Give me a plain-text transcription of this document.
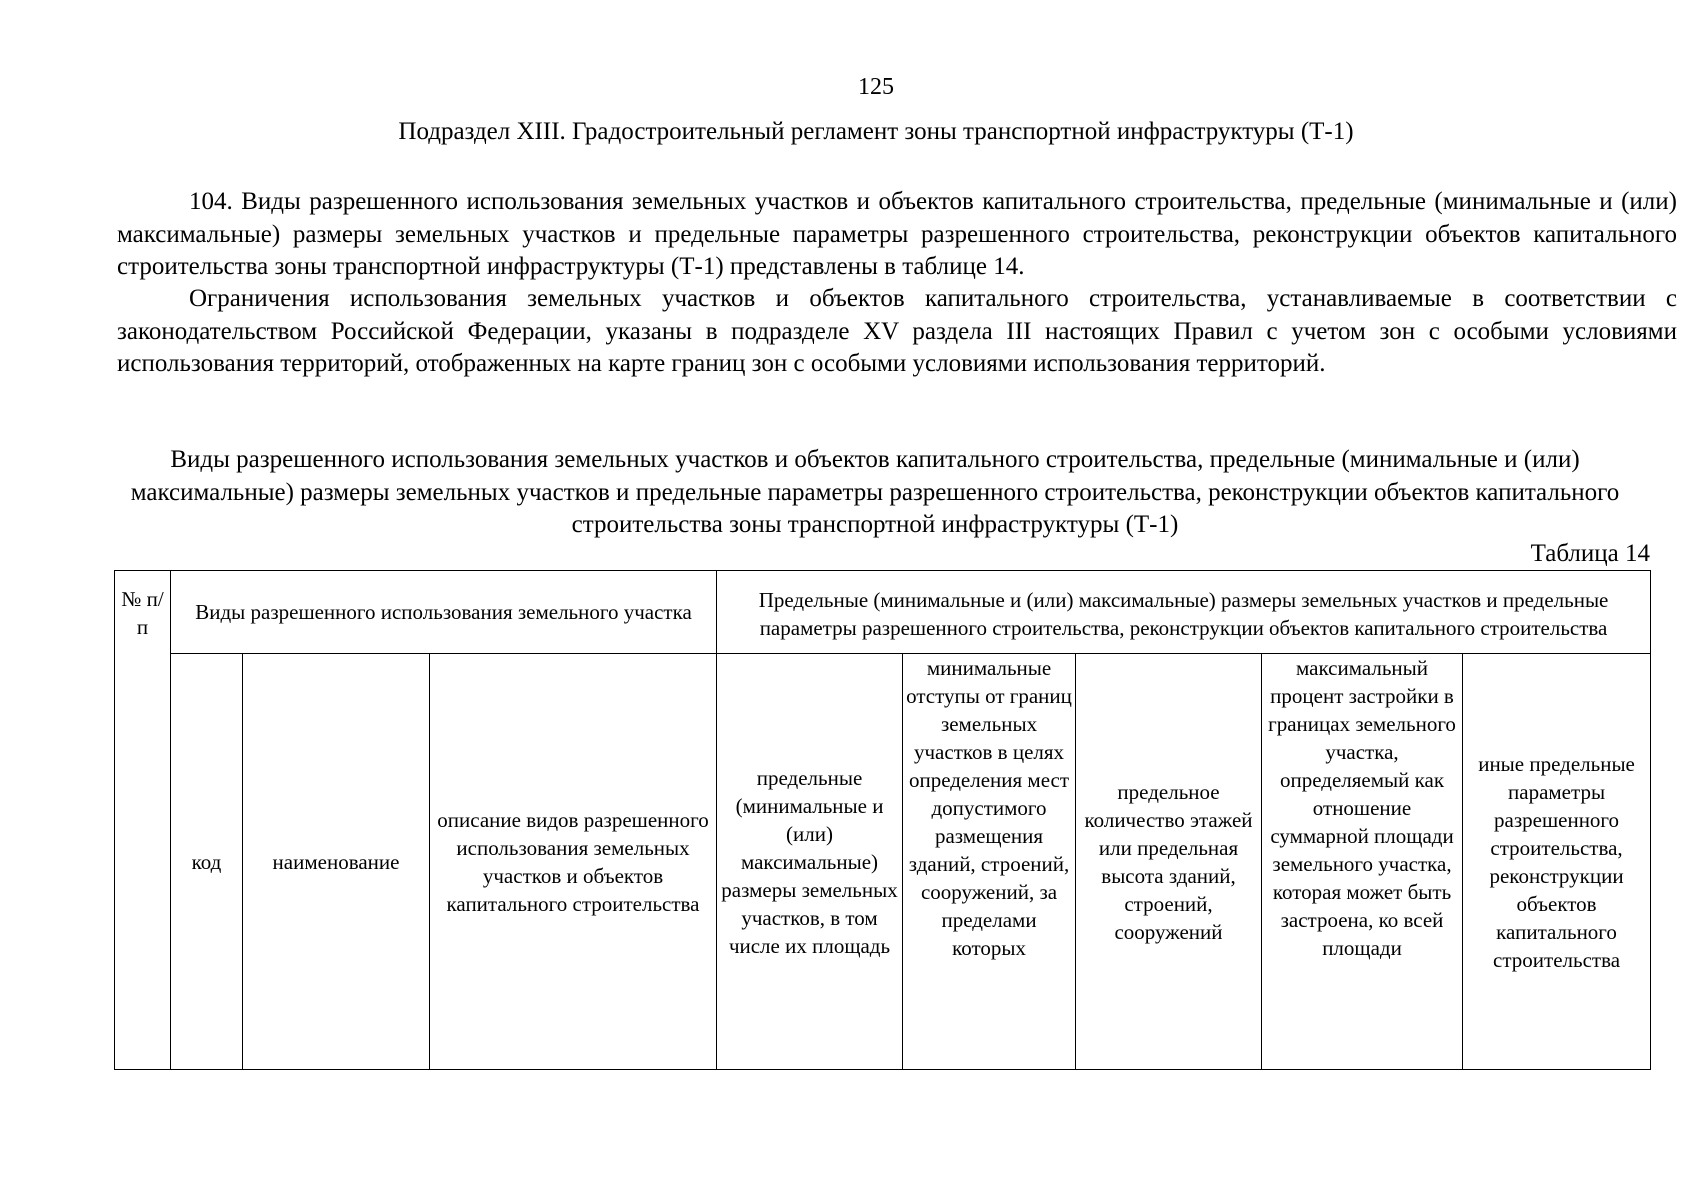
125
Подраздел XIII. Градостроительный регламент зоны транспортной инфраструктуры (Т-1)

104. Виды разрешенного использования земельных участков и объектов капитального строительства, предельные (минимальные и (или) максимальные) размеры земельных участков и предельные параметры разрешенного строительства, реконструкции объектов капитального строительства зоны транспортной инфраструктуры (Т-1) представлены в таблице 14.

Ограничения использования земельных участков и объектов капитального строительства, устанавливаемые в соответствии с законодательством Российской Федерации, указаны в подразделе XV раздела III настоящих Правил с учетом зон с особыми условиями использования территорий, отображенных на карте границ зон с особыми условиями использования территорий.

Виды разрешенного использования земельных участков и объектов капитального строительства, предельные (минимальные и (или) максимальные) размеры земельных участков и предельные параметры разрешенного строительства, реконструкции объектов капитального строительства зоны транспортной инфраструктуры (Т-1)
Таблица 14
№ п/п	Виды разрешенного использования земельного участка			Предельные (минимальные и (или) максимальные) размеры земельных участков и предельные параметры разрешенного строительства, реконструкции объектов капитального строительства				

	код	наименование	описание видов разрешенного использования земельных участков и объектов капитального строительства	предельные (минимальные и (или) максимальные) размеры земельных участков, в том числе их площадь	минимальные отступы от границ земельных участков в целях определения мест допустимого размещения зданий, строений, сооружений, за пределами которых	предельное количество этажей или предельная высота зданий, строений, сооружений	максимальный процент застройки в границах земельного участка, определяемый как отношение суммарной площади земельного участка, которая может быть застроена, ко всей площади	иные предельные параметры разрешенного строительства, реконструкции объектов капитального строительства
